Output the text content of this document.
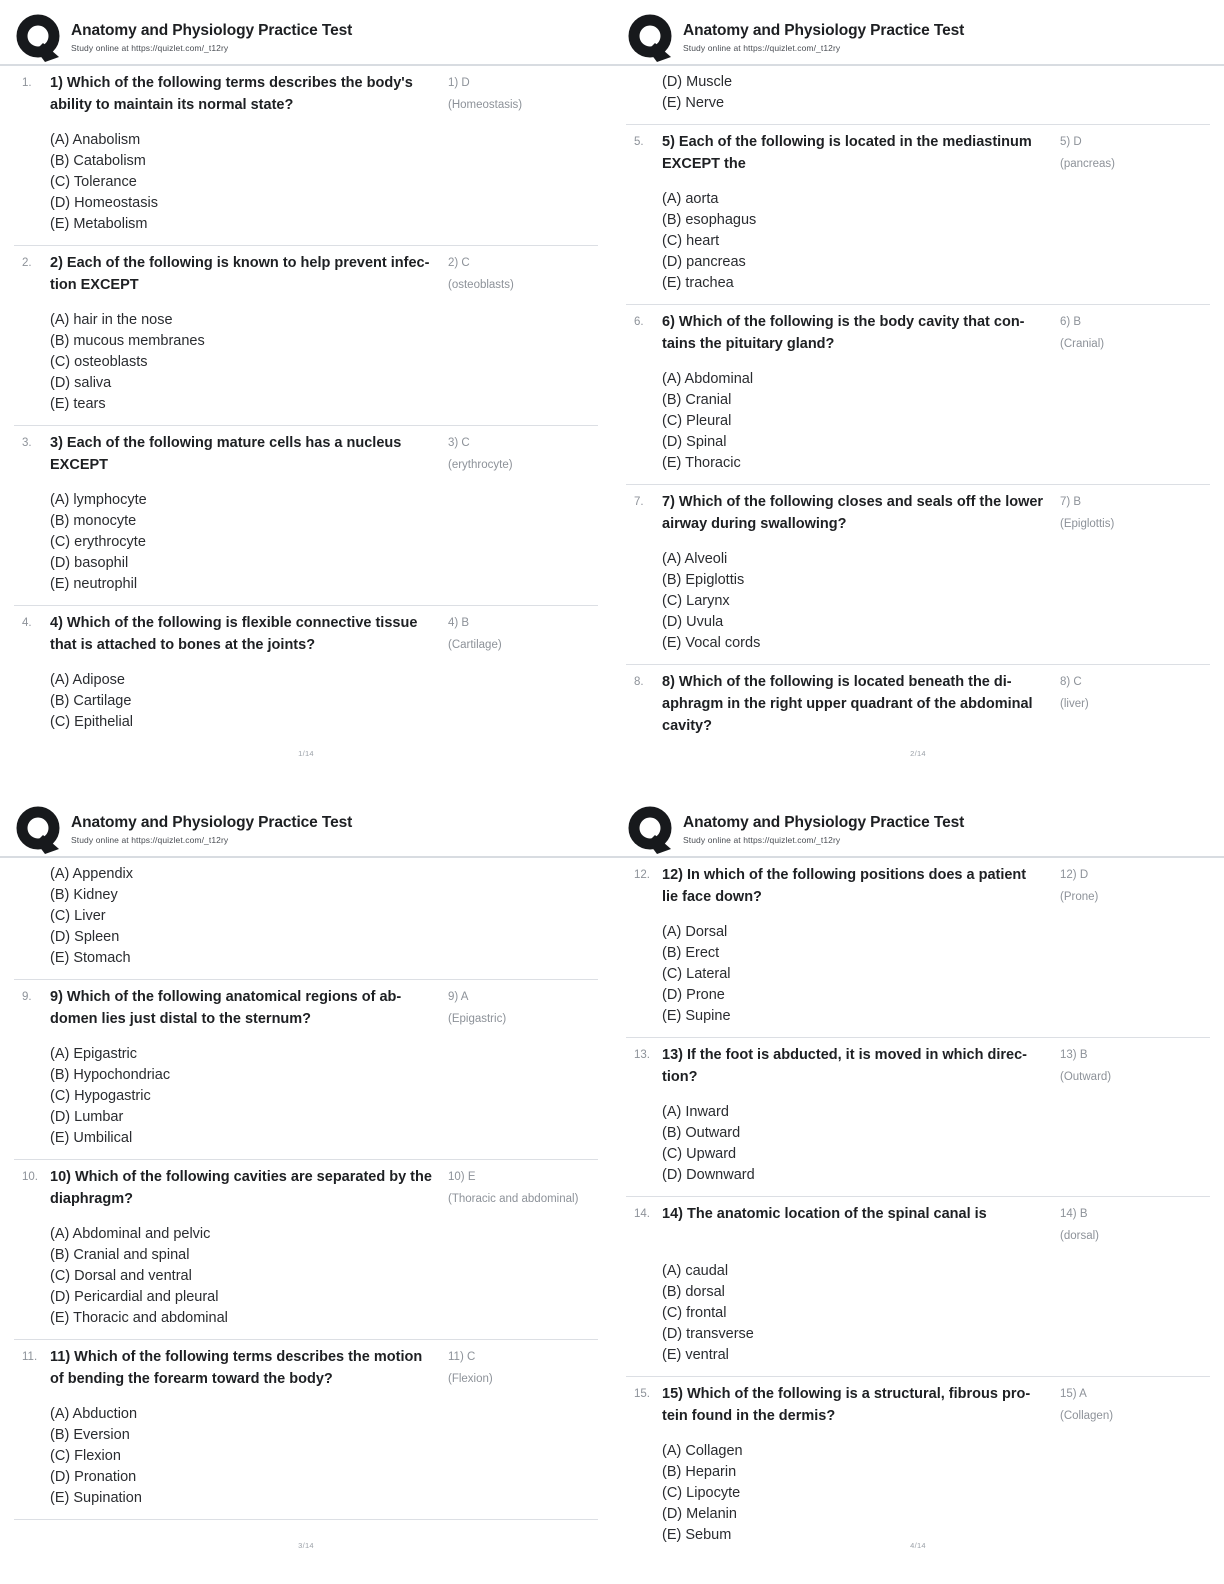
Anatomy and Physiology Practice Test
Study online at https://quizlet.com/_t12ry
1.	1) Which of the following terms describes the body's
ability to maintain its normal state?
1) D
(Homeostasis)
(A) Anabolism
(B) Catabolism
(C) Tolerance
(D) Homeostasis
(E) Metabolism
2.	2) Each of the following is known to help prevent infec-
tion EXCEPT
2) C
(osteoblasts)
(A) hair in the nose
(B) mucous membranes
(C) osteoblasts
(D) saliva
(E) tears
3.	3) Each of the following mature cells has a nucleus
EXCEPT
3) C
(erythrocyte)
(A) lymphocyte
(B) monocyte
(C) erythrocyte
(D) basophil
(E) neutrophil
4.	4) Which of the following is flexible connective tissue
that is attached to bones at the joints?
4) B
(Cartilage)
(A) Adipose
(B) Cartilage
(C) Epithelial
1/14
Anatomy and Physiology Practice Test
Study online at https://quizlet.com/_t12ry
(D) Muscle
(E) Nerve
5.	5) Each of the following is located in the mediastinum
EXCEPT the
5) D
(pancreas)
(A) aorta
(B) esophagus
(C) heart
(D) pancreas
(E) trachea
6.	6) Which of the following is the body cavity that con-
tains the pituitary gland?
6) B
(Cranial)
(A) Abdominal
(B) Cranial
(C) Pleural
(D) Spinal
(E) Thoracic
7.	7) Which of the following closes and seals off the lower
airway during swallowing?
7) B
(Epiglottis)
(A) Alveoli
(B) Epiglottis
(C) Larynx
(D) Uvula
(E) Vocal cords
8.	8) Which of the following is located beneath the di-
aphragm in the right upper quadrant of the abdominal
cavity?
8) C
(liver)
2/14
Anatomy and Physiology Practice Test
Study online at https://quizlet.com/_t12ry
(A) Appendix
(B) Kidney
(C) Liver
(D) Spleen
(E) Stomach
9.	9) Which of the following anatomical regions of ab-
domen lies just distal to the sternum?
9) A
(Epigastric)
(A) Epigastric
(B) Hypochondriac
(C) Hypogastric
(D) Lumbar
(E) Umbilical
10. 10) Which of the following cavities are separated by the
diaphragm?
10) E
(Thoracic and abdominal)
(A) Abdominal and pelvic
(B) Cranial and spinal
(C) Dorsal and ventral
(D) Pericardial and pleural
(E) Thoracic and abdominal
11. 11) Which of the following terms describes the motion
of bending the forearm toward the body?
11) C
(Flexion)
(A) Abduction
(B) Eversion
(C) Flexion
(D) Pronation
(E) Supination
3/14
Anatomy and Physiology Practice Test
Study online at https://quizlet.com/_t12ry
12. 12) In which of the following positions does a patient
lie face down?
12) D
(Prone)
(A) Dorsal
(B) Erect
(C) Lateral
(D) Prone
(E) Supine
13. 13) If the foot is abducted, it is moved in which direc-
tion?
13) B
(Outward)
(A) Inward
(B) Outward
(C) Upward
(D) Downward
14. 14) The anatomic location of the spinal canal is	14) B
(dorsal)
(A) caudal
(B) dorsal
(C) frontal
(D) transverse
(E) ventral
15. 15) Which of the following is a structural, fibrous pro-
tein found in the dermis?
15) A
(Collagen)
(A) Collagen
(B) Heparin
(C) Lipocyte
(D) Melanin
(E) Sebum
4/14
